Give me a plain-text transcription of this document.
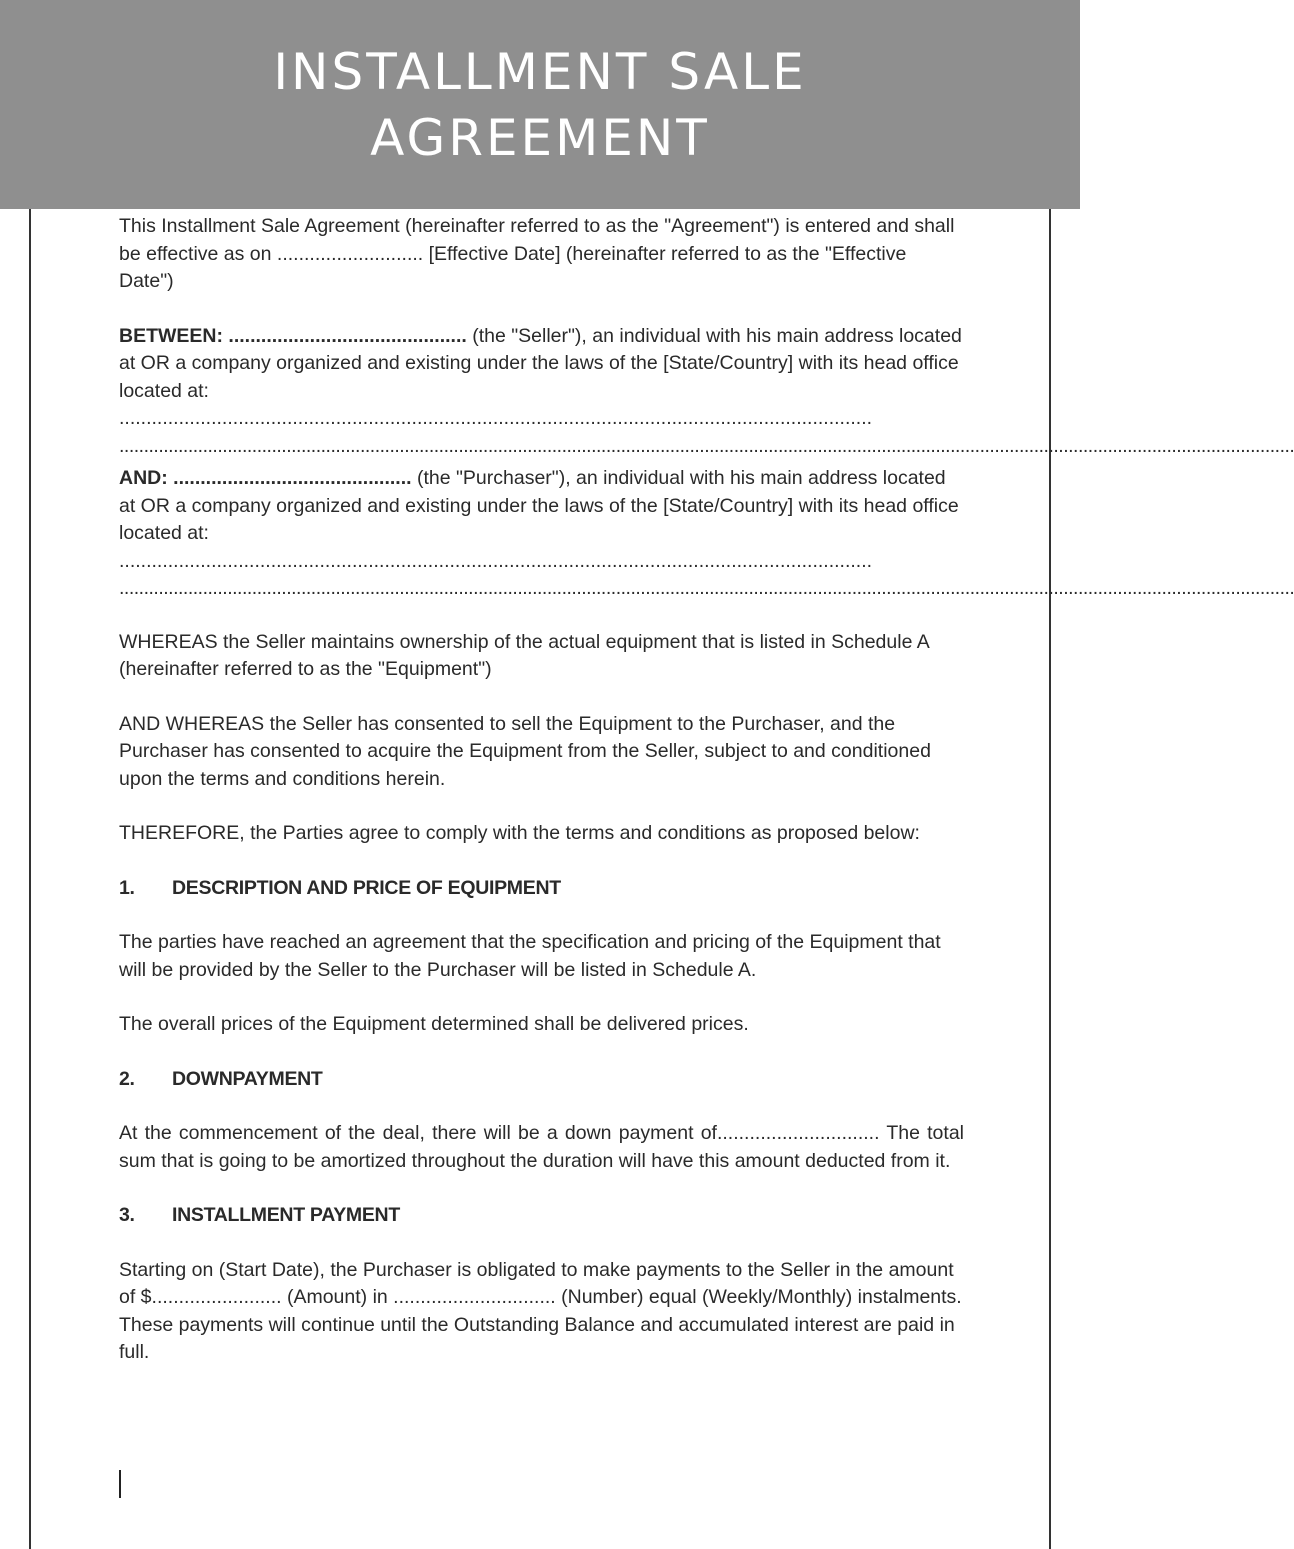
INSTALLMENT SALE
AGREEMENT

This Installment Sale Agreement (hereinafter referred to as the "Agreement") is entered and shall be effective as on ........................... [Effective Date] (hereinafter referred to as the "Effective Date")

BETWEEN: ............................................ (the "Seller"), an individual with his main address located at OR a company organized and existing under the laws of the [State/Country] with its head office located at: ...........................................................................................................................................

...............................................................................................................................................................................................................................................

AND: ............................................ (the "Purchaser"), an individual with his main address located at OR a company organized and existing under the laws of the [State/Country] with its head office located at: ...........................................................................................................................................

...............................................................................................................................................................................................................................................

WHEREAS the Seller maintains ownership of the actual equipment that is listed in Schedule A (hereinafter referred to as the "Equipment")

AND WHEREAS the Seller has consented to sell the Equipment to the Purchaser, and the Purchaser has consented to acquire the Equipment from the Seller, subject to and conditioned upon the terms and conditions herein.

THEREFORE, the Parties agree to comply with the terms and conditions as proposed below:

1.	DESCRIPTION AND PRICE OF EQUIPMENT

The parties have reached an agreement that the specification and pricing of the Equipment that will be provided by the Seller to the Purchaser will be listed in Schedule A.

The overall prices of the Equipment determined shall be delivered prices.

2.	DOWNPAYMENT

At the commencement of the deal, there will be a down payment of.............................. The total sum that is going to be amortized throughout the duration will have this amount deducted from it.

3.	INSTALLMENT PAYMENT

Starting on (Start Date), the Purchaser is obligated to make payments to the Seller in the amount of $........................ (Amount) in .............................. (Number) equal (Weekly/Monthly) instalments. These payments will continue until the Outstanding Balance and accumulated interest are paid in full.
